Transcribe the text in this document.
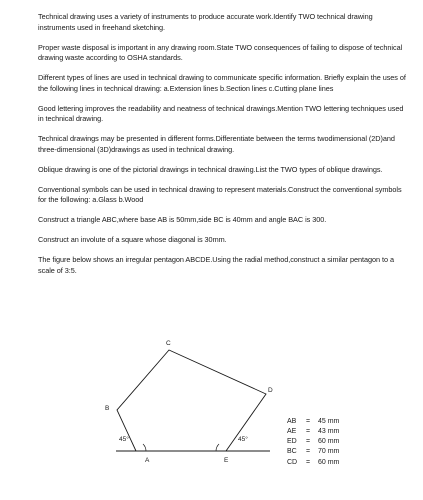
Technical drawing uses a variety of instruments to produce accurate work.Identify TWO technical drawing instruments used in freehand sketching.

Proper waste disposal is important in any drawing room.State TWO consequences of failing to dispose of technical drawing waste according to OSHA standards.

Different types of lines are used in technical drawing to communicate specific information. Briefly explain the uses of the following lines in technical drawing: a.Extension lines b.Section lines c.Cutting plane lines

Good lettering improves the readability and neatness of technical drawings.Mention TWO lettering techniques used in technical drawing.

Technical drawings may be presented in different forms.Differentiate between the terms twodimensional (2D)and three-dimensional (3D)drawings as used in technical drawing.

Oblique drawing is one of the pictorial drawings in technical drawing.List the TWO types of oblique drawings.

Conventional symbols can be used in technical drawing to represent materials.Construct the conventional symbols for the following: a.Glass b.Wood

Construct a triangle ABC,where base AB is 50mm,side BC is 40mm and angle BAC is 300.

Construct an involute of a square whose diagonal is 30mm.

The figure below shows an irregular pentagon ABCDE.Using the radial method,construct a similar pentagon to a scale of 3:5.

A
B
C
D
E
45°	45°
AB = 45 mm
AE = 43 mm
ED = 60 mm
BC = 70 mm
CD = 60 mm
